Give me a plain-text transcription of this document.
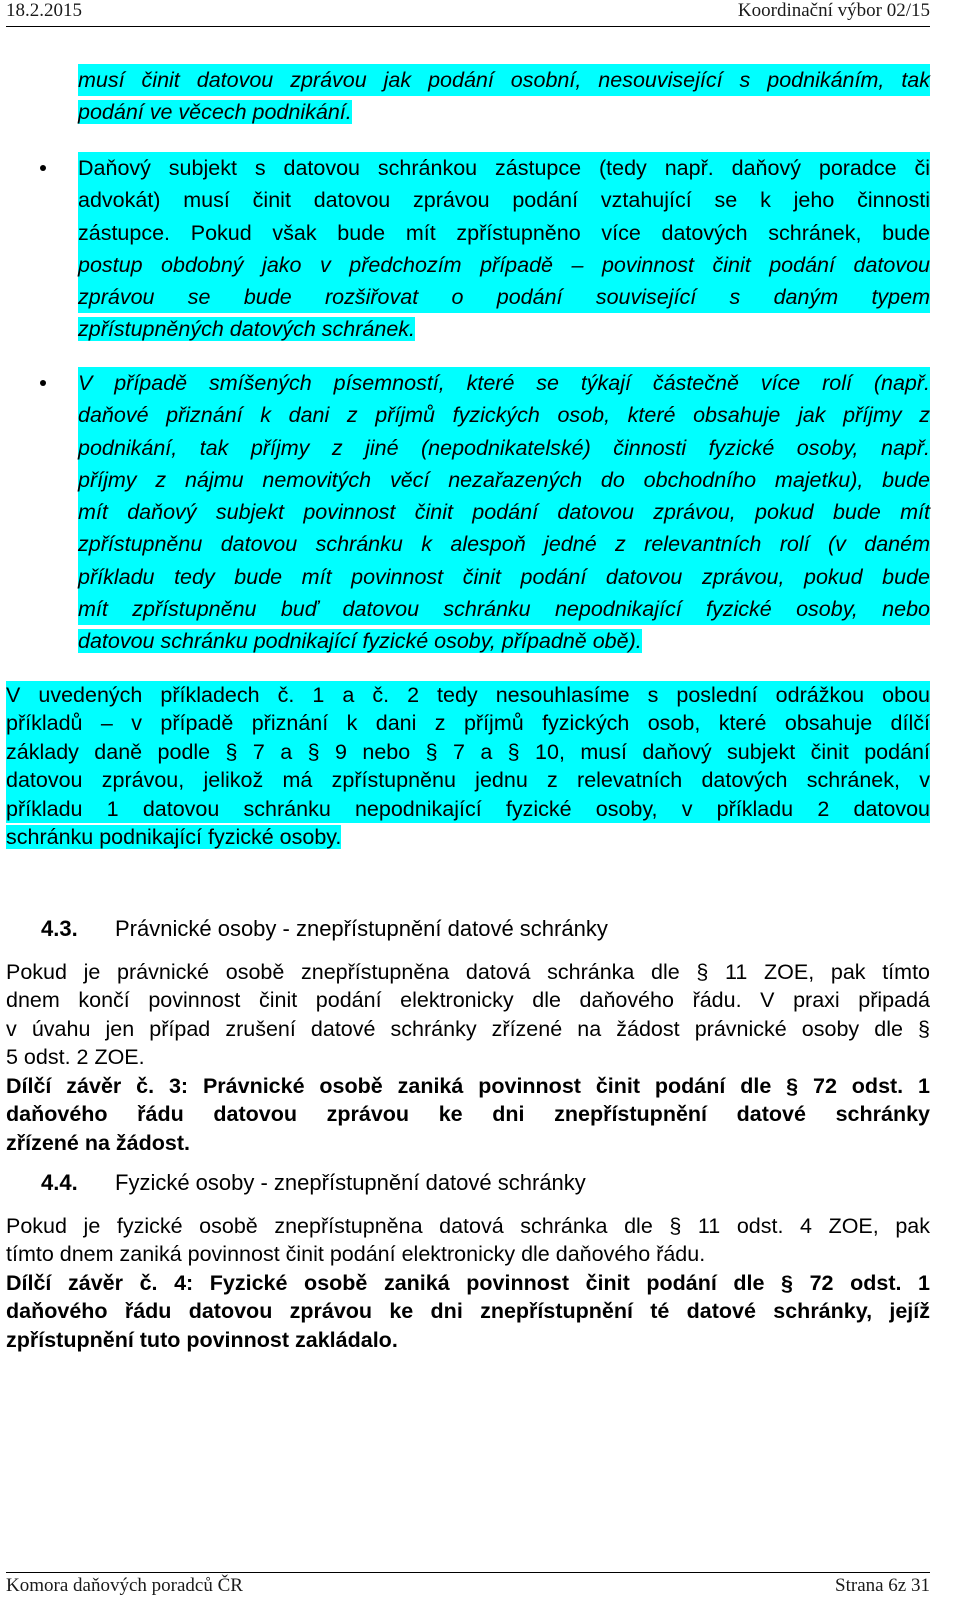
18.2.2015	Koordinační výbor 02/15
musí činit datovou zprávou jak podání osobní, nesouvisející s podnikáním, tak
podání ve věcech podnikání.
Daňový subjekt s datovou schránkou zástupce (tedy např. daňový poradce či
advokát) musí činit datovou zprávou podání vztahující se k jeho činnosti
zástupce. Pokud však bude mít zpřístupněno více datových schránek, bude
postup obdobný jako v předchozím případě – povinnost činit podání datovou
zprávou se bude rozšiřovat o podání související s daným typem
zpřístupněných datových schránek.
V případě smíšených písemností, které se týkají částečně více rolí (např.
daňové přiznání k dani z příjmů fyzických osob, které obsahuje jak příjmy z
podnikání, tak příjmy z jiné (nepodnikatelské) činnosti fyzické osoby, např.
příjmy z nájmu nemovitých věcí nezařazených do obchodního majetku), bude
mít daňový subjekt povinnost činit podání datovou zprávou, pokud bude mít
zpřístupněnu datovou schránku k alespoň jedné z relevantních rolí (v daném
příkladu tedy bude mít povinnost činit podání datovou zprávou, pokud bude
mít zpřístupněnu buď datovou schránku nepodnikající fyzické osoby, nebo
datovou schránku podnikající fyzické osoby, případně obě).
V uvedených příkladech č. 1 a č. 2 tedy nesouhlasíme s poslední odrážkou obou
příkladů – v případě přiznání k dani z příjmů fyzických osob, které obsahuje dílčí
základy daně podle § 7 a § 9 nebo § 7 a § 10, musí daňový subjekt činit podání
datovou zprávou, jelikož má zpřístupněnu jednu z relevatních datových schránek, v
příkladu 1 datovou schránku nepodnikající fyzické osoby, v příkladu 2 datovou
schránku podnikající fyzické osoby.
4.3.	Právnické osoby - znepřístupnění datové schránky
Pokud je právnické osobě znepřístupněna datová schránka dle § 11 ZOE, pak tímto
dnem končí povinnost činit podání elektronicky dle daňového řádu. V praxi připadá
v úvahu jen případ zrušení datové schránky zřízené na žádost právnické osoby dle §
5 odst. 2 ZOE.
Dílčí závěr č. 3: Právnické osobě zaniká povinnost činit podání dle § 72 odst. 1
daňového řádu datovou zprávou ke dni znepřístupnění datové schránky
zřízené na žádost.
4.4.	Fyzické osoby - znepřístupnění datové schránky
Pokud je fyzické osobě znepřístupněna datová schránka dle § 11 odst. 4 ZOE, pak
tímto dnem zaniká povinnost činit podání elektronicky dle daňového řádu.
Dílčí závěr č. 4: Fyzické osobě zaniká povinnost činit podání dle § 72 odst. 1
daňového řádu datovou zprávou ke dni znepřístupnění té datové schránky, jejíž
zpřístupnění tuto povinnost zakládalo.
Komora daňových poradců ČR	Strana 6z 31
